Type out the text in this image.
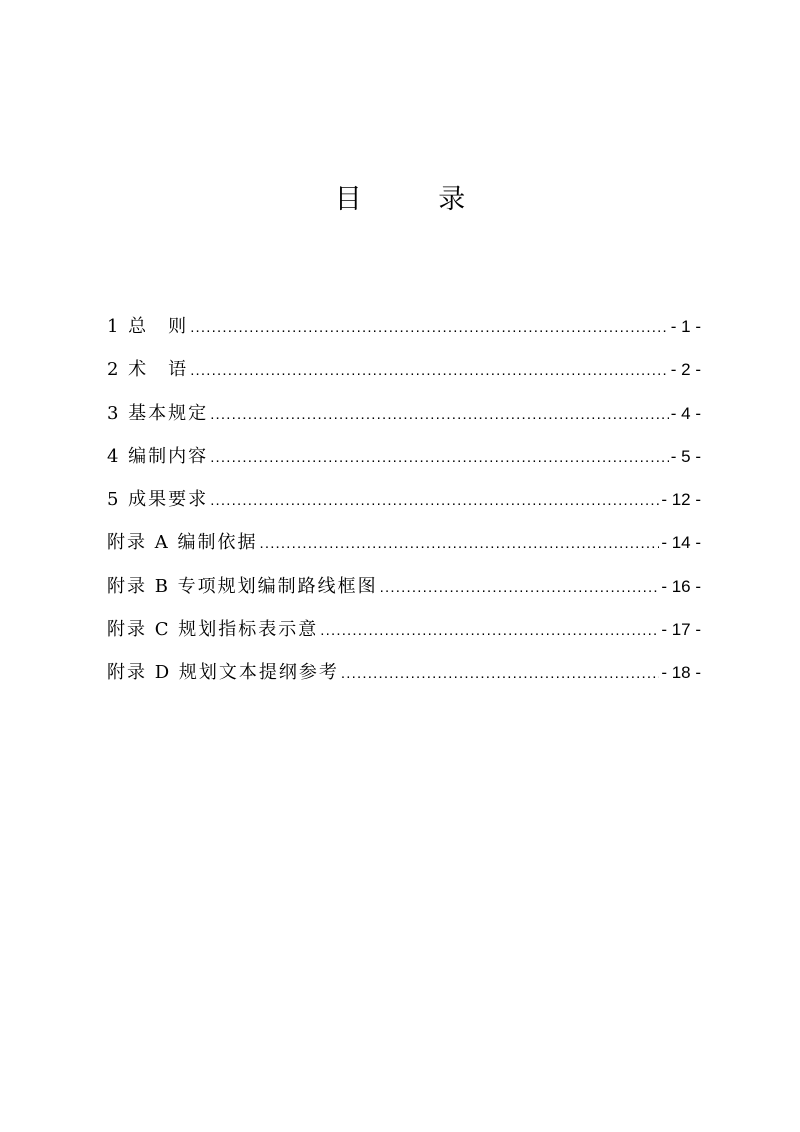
目 录
1 总　则 .....	- 1 -
2 术　语 .....	- 2 -
3 基本规定 .....	- 4 -
4 编制内容 .....	- 5 -
5 成果要求 .....	- 12 -
附录 A 编制依据 .....	- 14 -
附录 B 专项规划编制路线框图 .....	- 16 -
附录 C 规划指标表示意 .....	- 17 -
附录 D 规划文本提纲参考 .....	- 18 -
